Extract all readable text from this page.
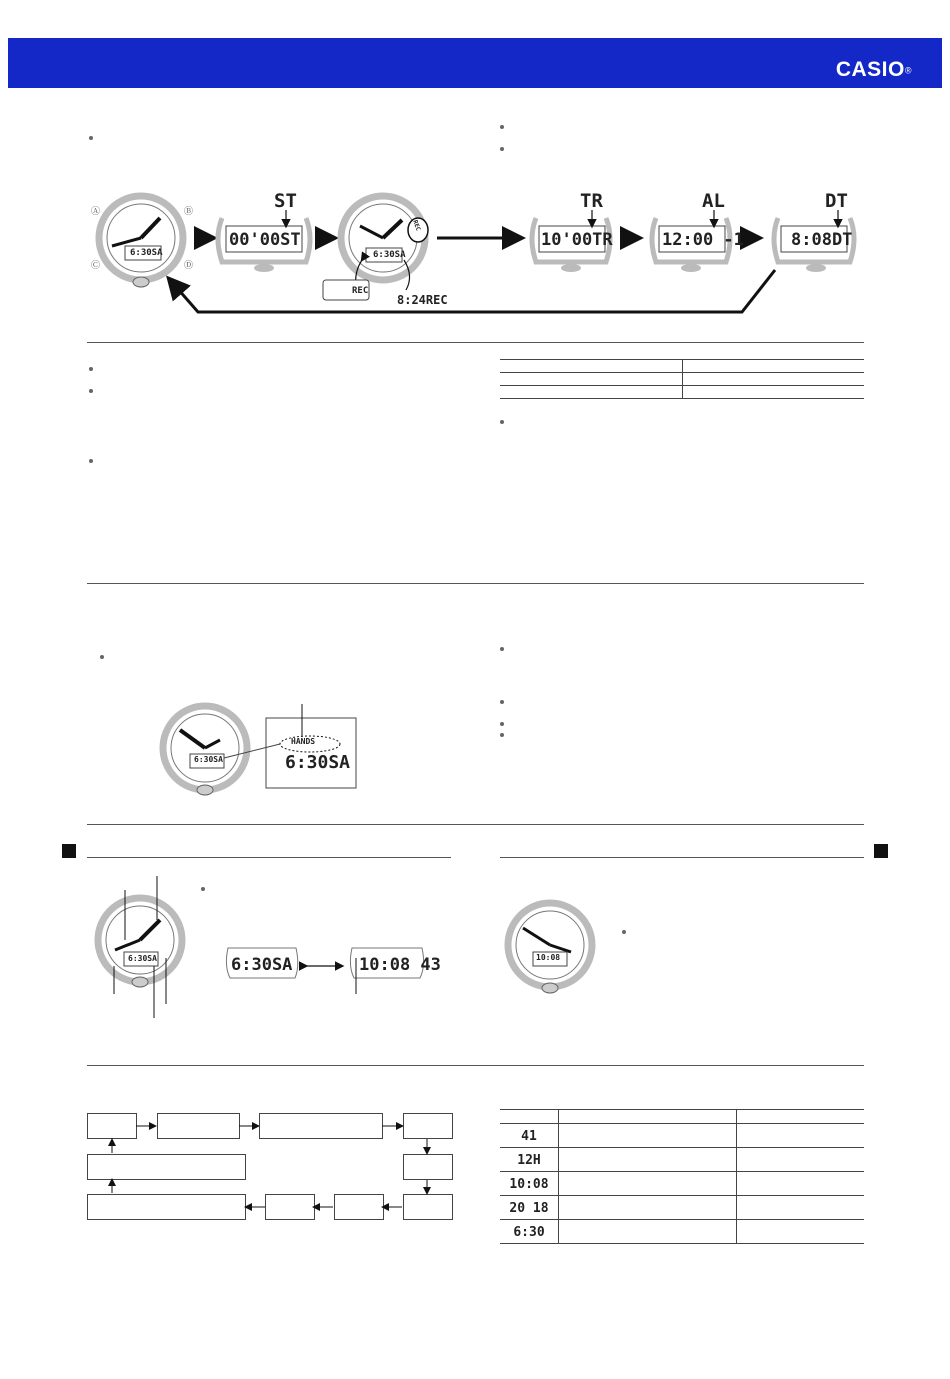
CASIO®
Ⓐ	Ⓑ
Ⓒ	Ⓓ
ST	TR	AL	DT
6:30SA
00'00ST
6:30SA
REC
REC
8:24REC
10'00TR	12:00 -1	8:08DT

HANDS
6:30SA
6:30SA
6:30SA	6:30SA	10:08 43	10:08

41		
12H		
10:08		
20 18		
6:30		
